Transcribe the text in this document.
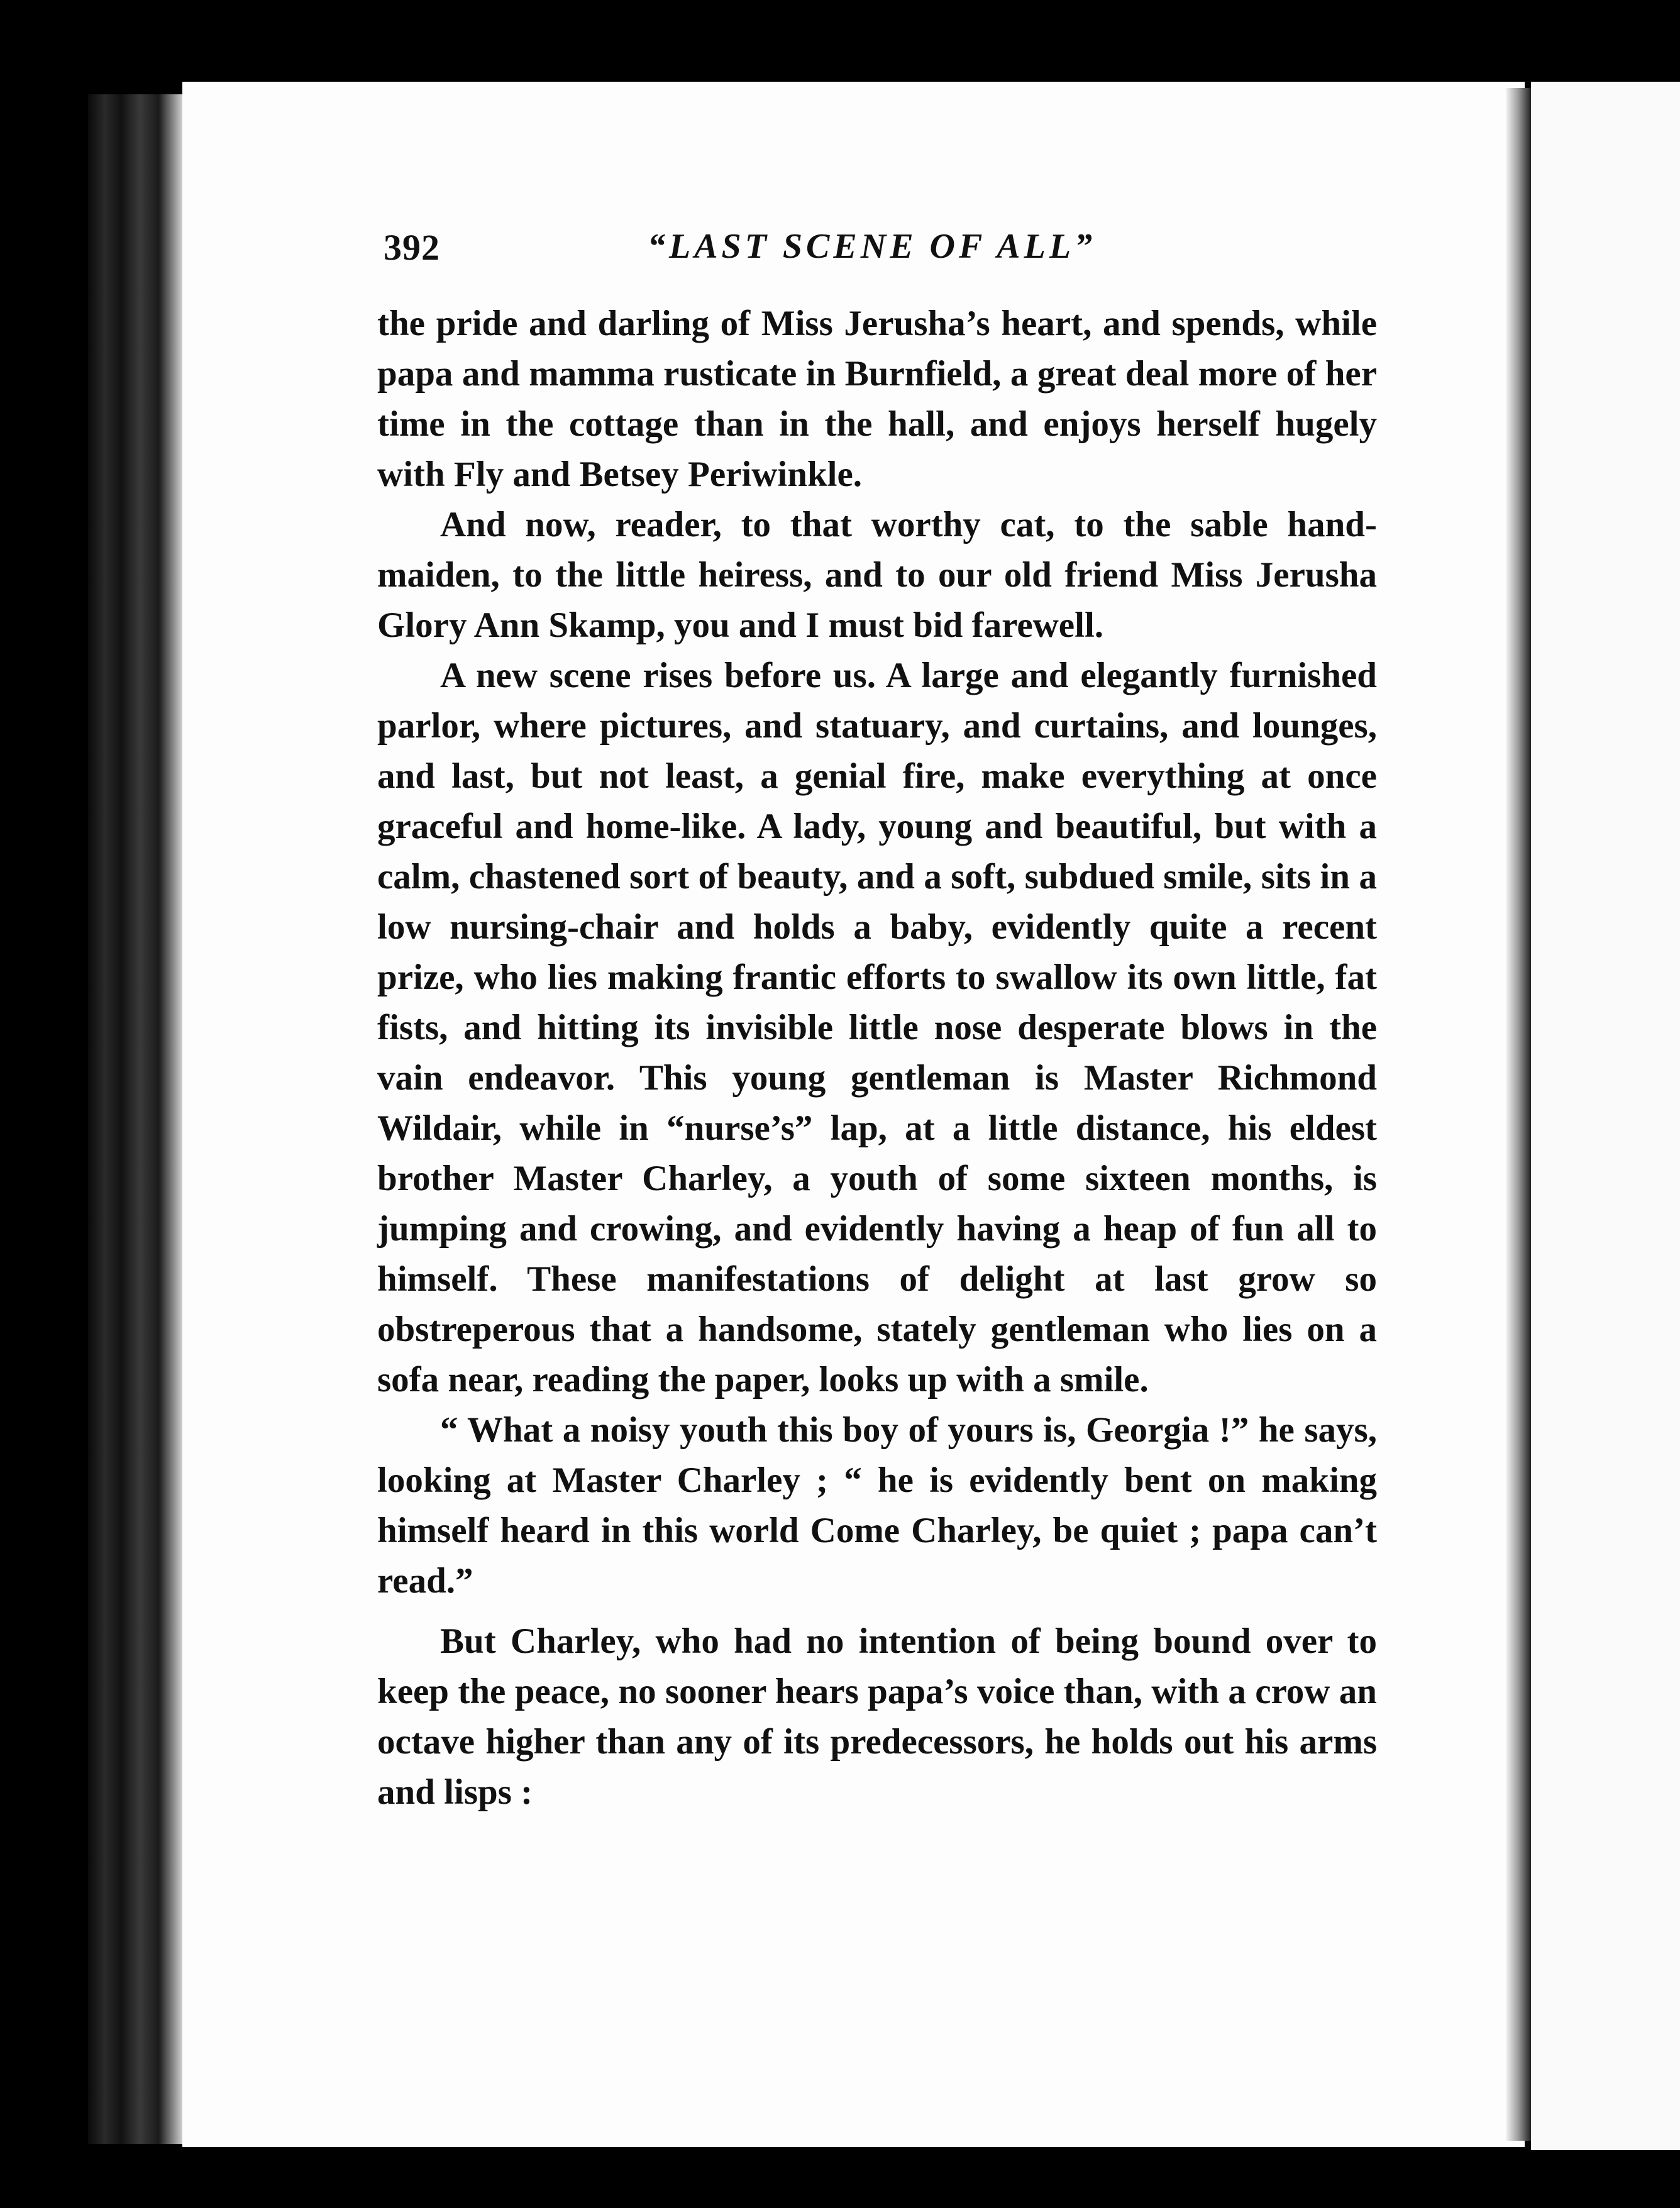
392	“LAST SCENE OF ALL”

the pride and darling of Miss Jerusha’s heart, and spends, while papa and mamma rusticate in Burnfield, a great deal more of her time in the cottage than in the hall, and enjoys herself hugely with Fly and Betsey Periwinkle.

And now, reader, to that worthy cat, to the sable hand-maiden, to the little heiress, and to our old friend Miss Jerusha Glory Ann Skamp, you and I must bid farewell.

A new scene rises before us. A large and elegantly furnished parlor, where pictures, and statuary, and curtains, and lounges, and last, but not least, a genial fire, make everything at once graceful and home-like. A lady, young and beautiful, but with a calm, chastened sort of beauty, and a soft, subdued smile, sits in a low nursing-chair and holds a baby, evidently quite a recent prize, who lies making frantic efforts to swallow its own little, fat fists, and hitting its invisible little nose desperate blows in the vain endeavor. This young gentleman is Master Richmond Wildair, while in “nurse’s” lap, at a little distance, his eldest brother Master Charley, a youth of some sixteen months, is jumping and crowing, and evidently having a heap of fun all to himself. These manifestations of delight at last grow so obstreperous that a handsome, stately gentleman who lies on a sofa near, reading the paper, looks up with a smile.

“ What a noisy youth this boy of yours is, Georgia !” he says, looking at Master Charley ; “ he is evidently bent on making himself heard in this world Come Charley, be quiet ; papa can’t read.”

But Charley, who had no intention of being bound over to keep the peace, no sooner hears papa’s voice than, with a crow an octave higher than any of its predecessors, he holds out his arms and lisps :
